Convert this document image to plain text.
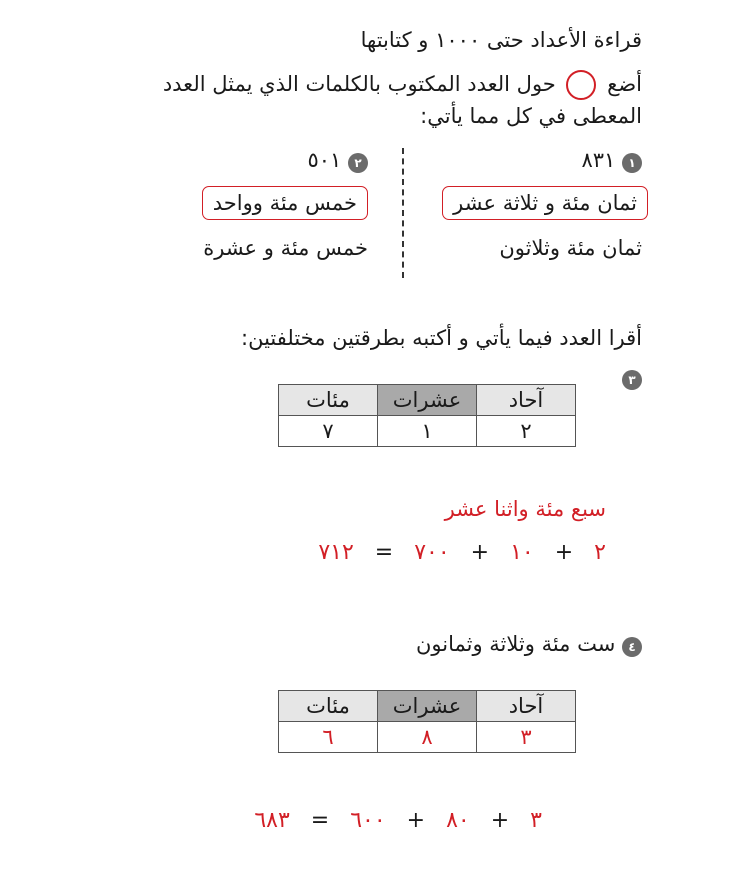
قراءة الأعداد حتى ١٠٠٠ و كتابتها
أضع  حول العدد المكتوب بالكلمات الذي يمثل العدد
المعطى في كل مما يأتي:
١ ٨٣١
ثمان مئة و ثلاثة عشر
ثمان مئة وثلاثون
٢ ٥٠١
خمس مئة وواحد
خمس مئة و عشرة
أقرا العدد فيما يأتي و أكتبه بطرقتين مختلفتين:
٣
آحاد	عشرات	مئات
٢	١	٧
سبع مئة واثنا عشر
٢ + ١٠ + ٧٠٠ = ٧١٢
٤ ست مئة وثلاثة وثمانون
آحاد	عشرات	مئات
٣	٨	٦
٣ + ٨٠ + ٦٠٠ = ٦٨٣
